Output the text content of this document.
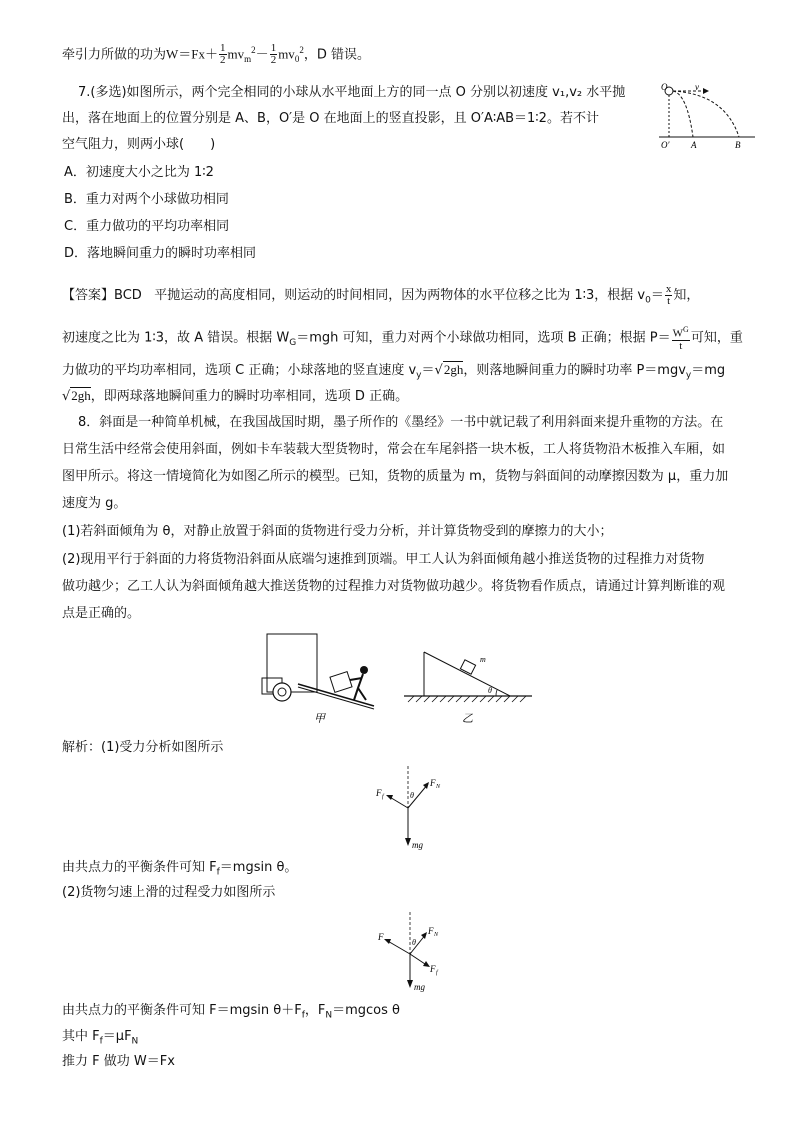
牵引力所做的功为$W=Fx+ \frac{1}{2} mv_m^2- \frac{1}{2} mv_0^2$，D 错误。
7.(多选)如图所示，两个完全相同的小球从水平地面上方的同一点 O 分别以初速度 v₁,v₂ 水平抛
出，落在地面上的位置分别是 A、B，O′是 O 在地面上的竖直投影，且 O′A∶AB＝1∶2。若不计
空气阻力，则两小球(　　)
A．初速度大小之比为 1∶2
B．重力对两个小球做功相同
C．重力做功的平均功率相同
D．落地瞬间重力的瞬时功率相同
v
O
O′ A	B
【答案】BCD 平抛运动的高度相同，则运动的时间相同，因为两物体的水平位移之比为 1∶3，根据 $v_0= \frac{x}{t}$ 知，
初速度之比为 1∶3，故 A 错误。根据 $W_G=mgh$ 可知，重力对两个小球做功相同，选项 B 正确；根据 $P= \frac{W^G}{t}$ 可知，重
力做功的平均功率相同，选项 C 正确；小球落地的竖直速度 $v_y=√2gh$，则落地瞬间重力的瞬时功率 P＝mgv$_y$＝mg
√2gh，即两球落地瞬间重力的瞬时功率相同，选项 D 正确。
8．斜面是一种简单机械，在我国战国时期，墨子所作的《墨经》一书中就记载了利用斜面来提升重物的方法。在
日常生活中经常会使用斜面，例如卡车装载大型货物时，常会在车尾斜搭一块木板，工人将货物沿木板推入车厢，如
图甲所示。将这一情境简化为如图乙所示的模型。已知，货物的质量为 m，货物与斜面间的动摩擦因数为 μ，重力加
速度为 g。
(1)若斜面倾角为 θ，对静止放置于斜面的货物进行受力分析，并计算货物受到的摩擦力的大小；
(2)现用平行于斜面的力将货物沿斜面从底端匀速推到顶端。甲工人认为斜面倾角越小推送货物的过程推力对货物
做功越少；乙工人认为斜面倾角越大推送货物的过程推力对货物做功越少。将货物看作质点，请通过计算判断谁的观
点是正确的。
甲
m
θ
乙
解析：(1)受力分析如图所示
F N
F f	θ
mg
由共点力的平衡条件可知 $F_f=mgsin$ θ。
(2)货物匀速上滑的过程受力如图所示
F
F N
θ
F f
mg
由共点力的平衡条件可知 F＝mgsin $\theta+F_f$，$F_N=mgcos$ θ
其中 $F_f=\mu F_N$
推力 F 做功 W＝Fx
